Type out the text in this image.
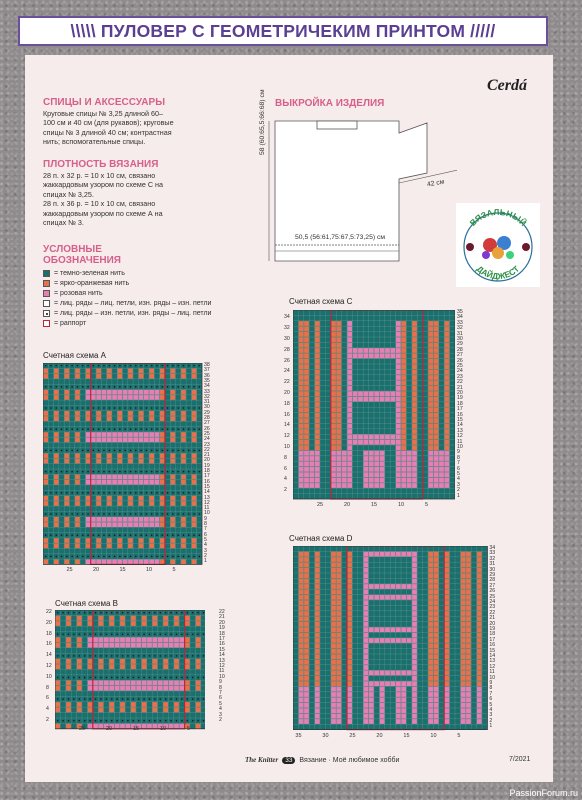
\\\\\ ПУЛОВЕР С ГЕОМЕТРИЧЕКИМ ПРИНТОМ /////
Cerdá
СПИЦЫ И АКСЕССУАРЫ
Круговые спицы № 3,25 длиной 60–
100 см и 40 см (для рукавов); круговые
спицы № 3 длиной 40 см; контрастная
нить; вспомогательные спицы.
ПЛОТНОСТЬ ВЯЗАНИЯ
28 п. х 32 р. = 10 х 10 см, связано
жаккардовым узором по схеме С на
спицах № 3,25.
28 п. х 36 р. = 10 х 10 см, связано
жаккардовым узором по схеме А на
спицах № 3.
УСЛОВНЫЕ
ОБОЗНАЧЕНИЯ
= темно-зеленая нить
= ярко-оранжевая нить
= розовая нить
= лиц. ряды – лиц. петли, изн. ряды – изн. петли
= лиц. ряды – изн. петли, изн. ряды – лиц. петли
= раппорт
ВЫКРОЙКА ИЗДЕЛИЯ
58 (60:65,5:66:68) см
50,5 (56:61,75:67,5:73,25) см
42 см
ВЯЗАЛЬНЫЙ
ДАЙДЖЕСТ
Счетная схема А
Счетная схема В
Счетная схема С
Счетная схема D
38
37
36
35
34
33
32
31
30
29
28
27
26
25
24
23
22
21
20
19
18
17
16
15
14
13
12
11
10
9
8
7
6
5
4
3
2
1
25	20	15	10	5
22
21
20
19
18
17
16
15
14
13
12
11
10
9
8
7
6
5
4
3
2
22
20
18
16
14
12
10
8
6
4
2
25	20	15	10	5
35
34
33
32
31
30
29
28
27
26
25
24
23
22
21
20
19
18
17
16
15
14
13
12
11
10
9
8
7
6
5
4
3
2
1
34
32
30
28
26
24
22
20
18
16
14
12
10
8
6
4
2
25	20	15	10	5
34
33
32
31
30
29
28
27
26
25
24
23
22
21
20
19
18
17
16
15
14
13
12
11
10
9
8
7
6
5
4
3
2
1
35	30	25	20	15	10	5
The Knitter 33 Вязание · Моё любимое хобби	7/2021
PassionForum.ru
